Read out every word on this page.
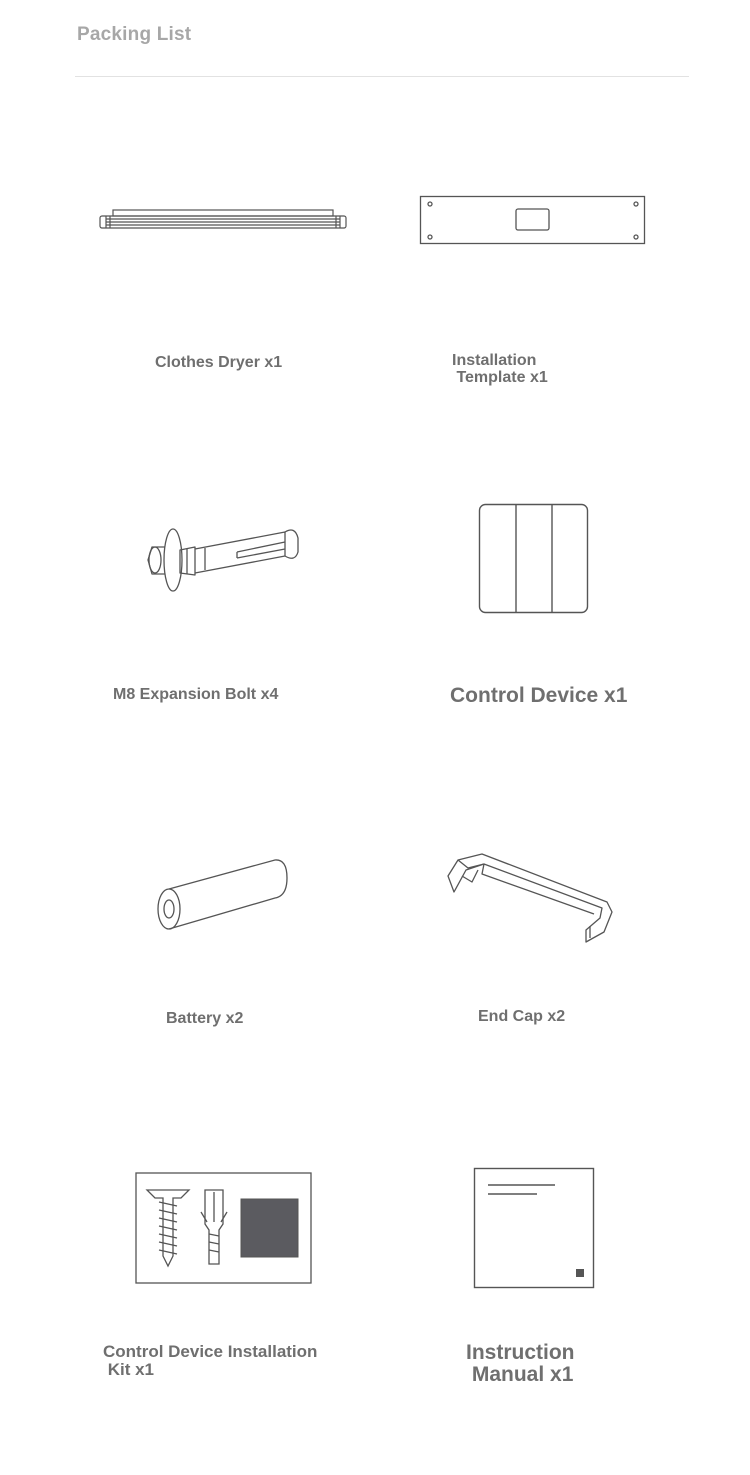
Packing List
Clothes Dryer x1	Installation
Template x1
M8 Expansion Bolt x4	Control Device x1
Battery x2	End Cap x2
Control Device Installation
Kit x1
Instruction
Manual x1
